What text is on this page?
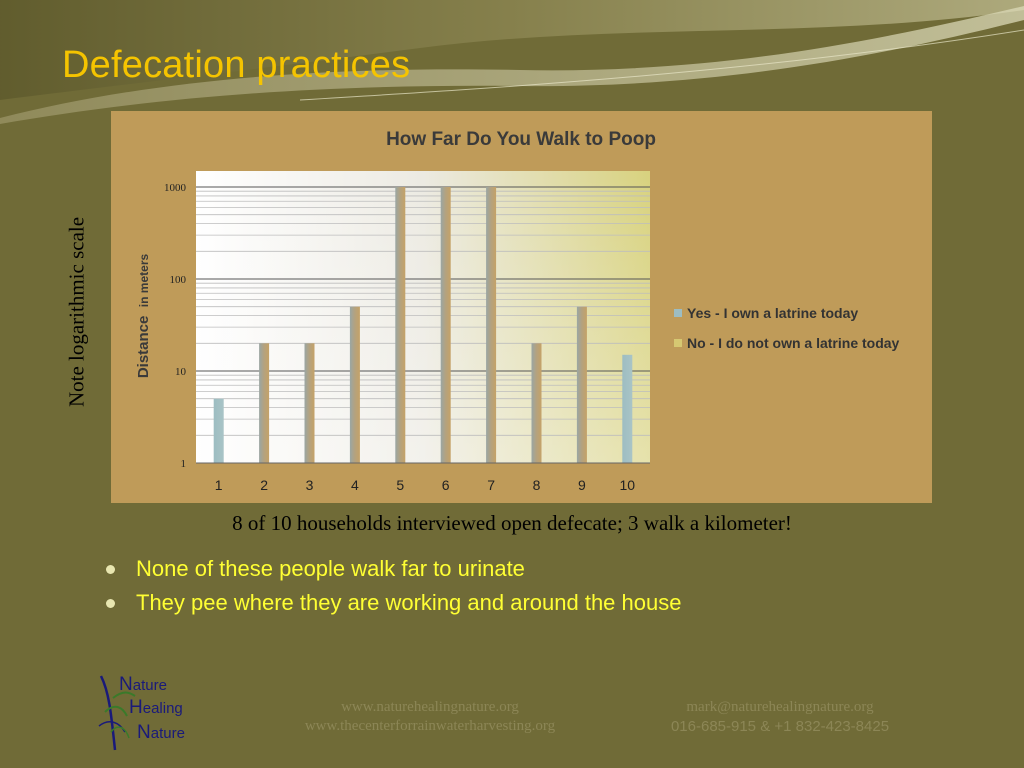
Defecation practices
Note logarithmic scale
How Far Do You Walk to Poop
Distance in meters
1
10
100
1000
1	2	3	4	5	6	7	8	9 10
Yes - I own a latrine today
No - I do not own a latrine today
8 of 10 households interviewed open defecate; 3 walk a kilometer!
None of these people walk far to urinate
They pee where they are working and around the house
Nature
Healing
Nature
www.naturehealingnature.org
www.thecenterforrainwaterharvesting.org
mark@naturehealingnature.org
016-685-915 & +1 832-423-8425
